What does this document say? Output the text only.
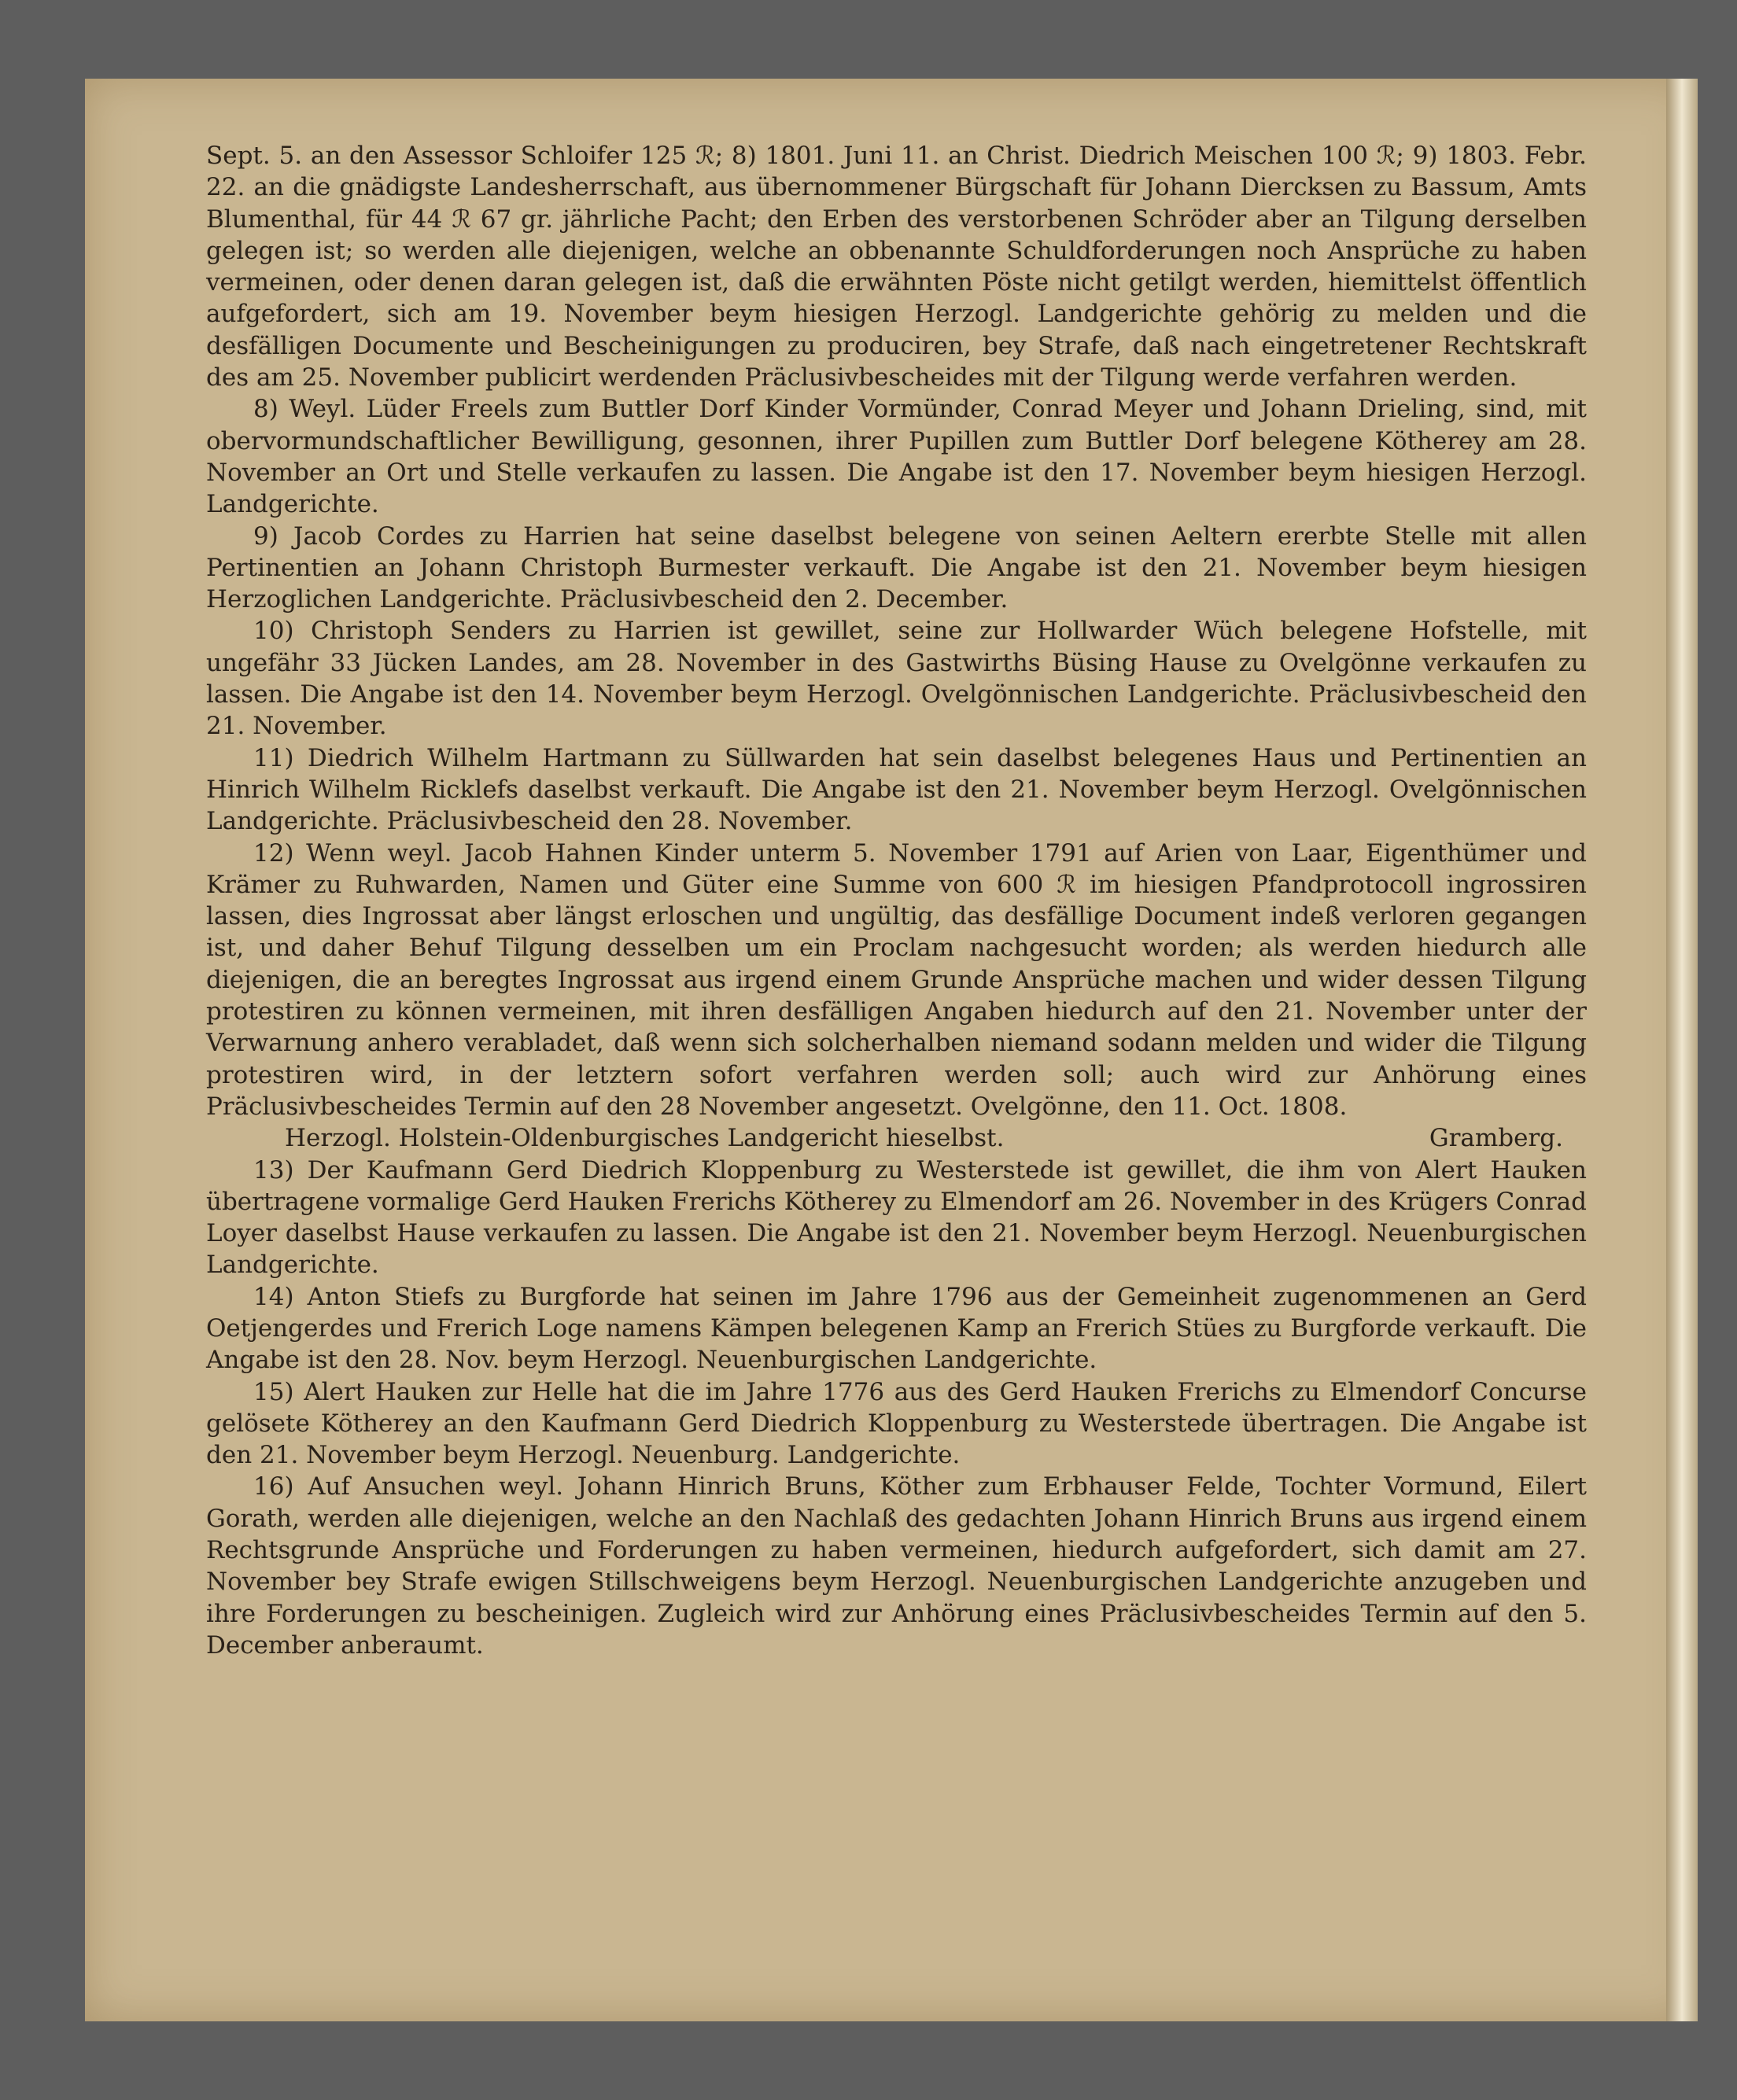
Sept. 5. an den Assessor Schloifer 125 ℛ; 8) 1801. Juni 11. an Christ. Diedrich Meischen 100 ℛ; 9) 1803. Febr. 22. an die gnädigste Landesherrschaft, aus übernommener Bürgschaft für Johann Diercksen zu Bassum, Amts Blumenthal, für 44 ℛ 67 gr. jährliche Pacht; den Erben des verstorbenen Schröder aber an Tilgung derselben gelegen ist; so werden alle diejenigen, welche an obbenannte Schuldforderungen noch Ansprüche zu haben vermeinen, oder denen daran gelegen ist, daß die erwähnten Pöste nicht getilgt werden, hiemittelst öffentlich aufgefordert, sich am 19. November beym hiesigen Herzogl. Landgerichte gehörig zu melden und die desfälligen Documente und Bescheinigungen zu produciren, bey Strafe, daß nach eingetretener Rechtskraft des am 25. November publicirt werdenden Präclusivbescheides mit der Tilgung werde verfahren werden.

8) Weyl. Lüder Freels zum Buttler Dorf Kinder Vormünder, Conrad Meyer und Johann Drieling, sind, mit obervormundschaftlicher Bewilligung, gesonnen, ihrer Pupillen zum Buttler Dorf belegene Kötherey am 28. November an Ort und Stelle verkaufen zu lassen. Die Angabe ist den 17. November beym hiesigen Herzogl. Landgerichte.

9) Jacob Cordes zu Harrien hat seine daselbst belegene von seinen Aeltern ererbte Stelle mit allen Pertinentien an Johann Christoph Burmester verkauft. Die Angabe ist den 21. November beym hiesigen Herzoglichen Landgerichte. Präclusivbescheid den 2. December.

10) Christoph Senders zu Harrien ist gewillet, seine zur Hollwarder Wüch belegene Hofstelle, mit ungefähr 33 Jücken Landes, am 28. November in des Gastwirths Büsing Hause zu Ovelgönne verkaufen zu lassen. Die Angabe ist den 14. November beym Herzogl. Ovelgönnischen Landgerichte. Präclusivbescheid den 21. November.

11) Diedrich Wilhelm Hartmann zu Süllwarden hat sein daselbst belegenes Haus und Pertinentien an Hinrich Wilhelm Ricklefs daselbst verkauft. Die Angabe ist den 21. November beym Herzogl. Ovelgönnischen Landgerichte. Präclusivbescheid den 28. November.

12) Wenn weyl. Jacob Hahnen Kinder unterm 5. November 1791 auf Arien von Laar, Eigenthümer und Krämer zu Ruhwarden, Namen und Güter eine Summe von 600 ℛ im hiesigen Pfandprotocoll ingrossiren lassen, dies Ingrossat aber längst erloschen und ungültig, das desfällige Document indeß verloren gegangen ist, und daher Behuf Tilgung desselben um ein Proclam nachgesucht worden; als werden hiedurch alle diejenigen, die an beregtes Ingrossat aus irgend einem Grunde Ansprüche machen und wider dessen Tilgung protestiren zu können vermeinen, mit ihren desfälligen Angaben hiedurch auf den 21. November unter der Verwarnung anhero verabladet, daß wenn sich solcherhalben niemand sodann melden und wider die Tilgung protestiren wird, in der letztern sofort verfahren werden soll; auch wird zur Anhörung eines Präclusivbescheides Termin auf den 28 November angesetzt. Ovelgönne, den 11. Oct. 1808.

Herzogl. Holstein-Oldenburgisches Landgericht hieselbst.	Gramberg.

13) Der Kaufmann Gerd Diedrich Kloppenburg zu Westerstede ist gewillet, die ihm von Alert Hauken übertragene vormalige Gerd Hauken Frerichs Kötherey zu Elmendorf am 26. November in des Krügers Conrad Loyer daselbst Hause verkaufen zu lassen. Die Angabe ist den 21. November beym Herzogl. Neuenburgischen Landgerichte.

14) Anton Stiefs zu Burgforde hat seinen im Jahre 1796 aus der Gemeinheit zugenommenen an Gerd Oetjengerdes und Frerich Loge namens Kämpen belegenen Kamp an Frerich Stües zu Burgforde verkauft. Die Angabe ist den 28. Nov. beym Herzogl. Neuenburgischen Landgerichte.

15) Alert Hauken zur Helle hat die im Jahre 1776 aus des Gerd Hauken Frerichs zu Elmendorf Concurse gelösete Kötherey an den Kaufmann Gerd Diedrich Kloppenburg zu Westerstede übertragen. Die Angabe ist den 21. November beym Herzogl. Neuenburg. Landgerichte.

16) Auf Ansuchen weyl. Johann Hinrich Bruns, Köther zum Erbhauser Felde, Tochter Vormund, Eilert Gorath, werden alle diejenigen, welche an den Nachlaß des gedachten Johann Hinrich Bruns aus irgend einem Rechtsgrunde Ansprüche und Forderungen zu haben vermeinen, hiedurch aufgefordert, sich damit am 27. November bey Strafe ewigen Stillschweigens beym Herzogl. Neuenburgischen Landgerichte anzugeben und ihre Forderungen zu bescheinigen. Zugleich wird zur Anhörung eines Präclusivbescheides Termin auf den 5. December anberaumt.
